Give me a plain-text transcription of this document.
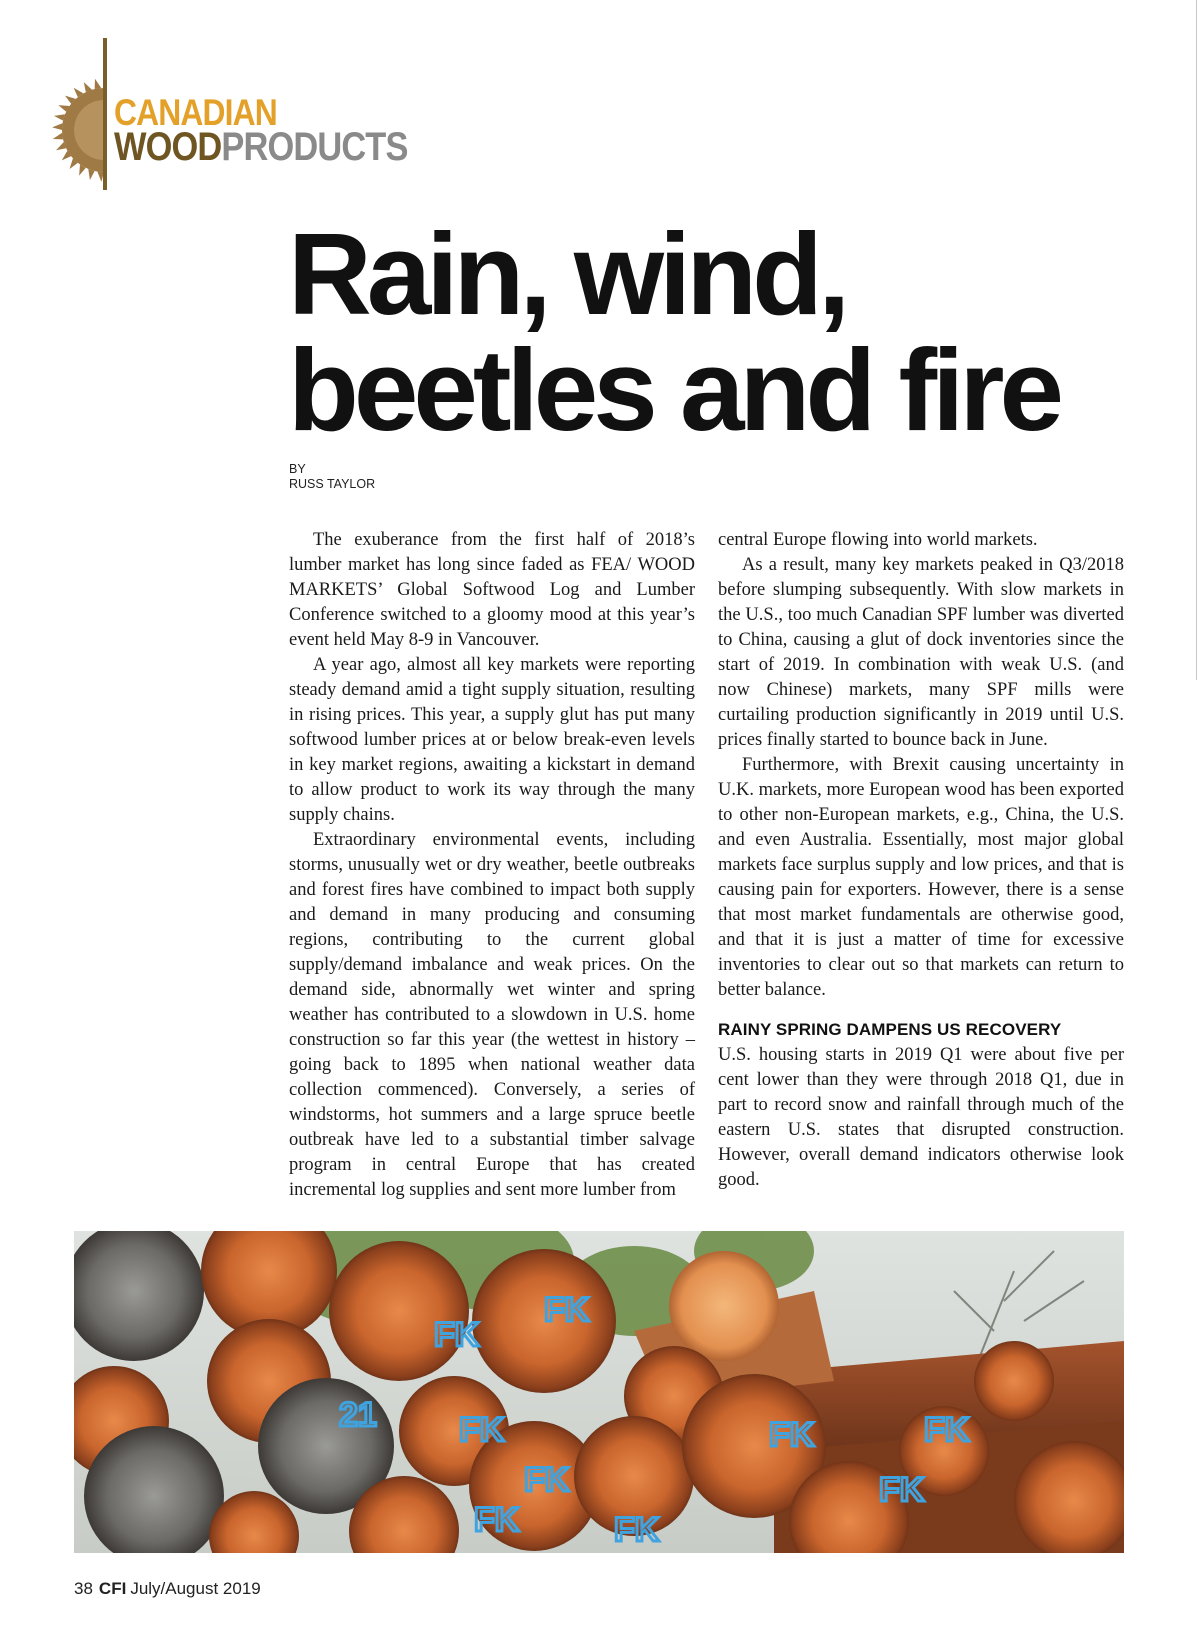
CANADIAN
WOODPRODUCTS
Rain, wind,
beetles and fire
BY
RUSS TAYLOR

The exuberance from the first half of 2018’s lumber market has long since faded as FEA/ WOOD MARKETS’ Global Softwood Log and Lumber Conference switched to a gloomy mood at this year’s event held May 8-9 in Vancouver.

A year ago, almost all key markets were reporting steady demand amid a tight supply situation, resulting in rising prices. This year, a supply glut has put many softwood lumber prices at or below break-even levels in key market regions, awaiting a kickstart in demand to allow product to work its way through the many supply chains.

Extraordinary environmental events, including storms, unusually wet or dry weather, beetle outbreaks and forest fires have combined to impact both supply and demand in many producing and consuming regions, contributing to the current global supply/demand imbalance and weak prices. On the demand side, abnormally wet winter and spring weather has contributed to a slowdown in U.S. home construction so far this year (the wettest in history – going back to 1895 when national weather data collection commenced). Conversely, a series of windstorms, hot summers and a large spruce beetle outbreak have led to a substantial timber salvage program in central Europe that has created incremental log supplies and sent more lumber from

central Europe flowing into world markets.

As a result, many key markets peaked in Q3/2018 before slumping subsequently. With slow markets in the U.S., too much Canadian SPF lumber was diverted to China, causing a glut of dock inventories since the start of 2019. In combination with weak U.S. (and now Chinese) markets, many SPF mills were curtailing production significantly in 2019 until U.S. prices finally started to bounce back in June.

Furthermore, with Brexit causing uncertainty in U.K. markets, more European wood has been exported to other non-European markets, e.g., China, the U.S. and even Australia. Essentially, most major global markets face surplus supply and low prices, and that is causing pain for exporters. However, there is a sense that most market fundamentals are otherwise good, and that it is just a matter of time for excessive inventories to clear out so that markets can return to better balance.

RAINY SPRING DAMPENS US RECOVERY

U.S. housing starts in 2019 Q1 were about five per cent lower than they were through 2018 Q1, due in part to record snow and rainfall through much of the eastern U.S. states that disrupted construction. However, overall demand indicators otherwise look good.

FK
FK
21
FK
FK
FK	FK
FK	FK
FK
38 CFI July/August 2019
